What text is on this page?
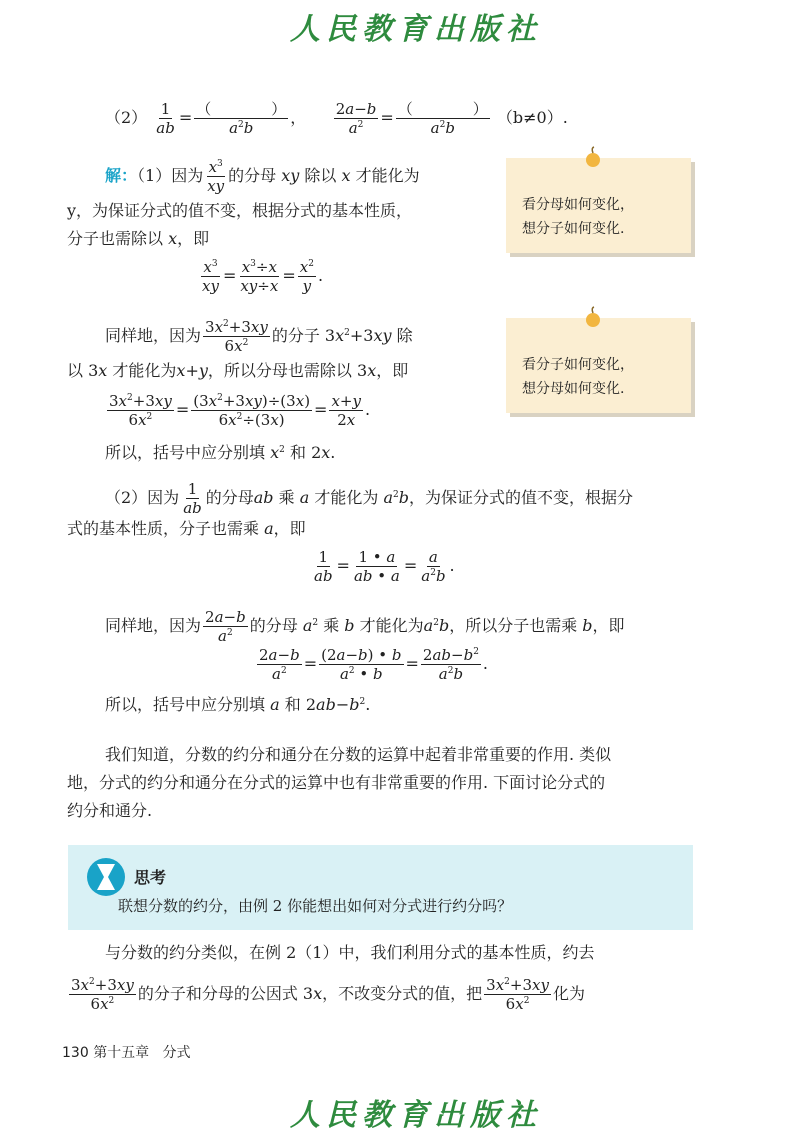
人民教育出版社
$(2) \frac{1}{ab} = \frac{( )}{a^2b}$ ， $\frac{2a-b}{a^2} = \frac{( )}{a^2b} (b\ne 0)$.
解：（1）因为 $\frac{x^3}{xy}$ 的分母 xy 除以 x 才能化为
y，为保证分式的值不变，根据分式的基本性质，
分子也需除以 x，即
$\frac{x^3}{xy} = \frac{x^3\div x}{xy\div x} = \frac{x^2}{y}$ .
同样地，因为 $\frac{3x^2+3xy}{6x^2}$ 的分子 $3x^2+3xy$ 除
以 3x 才能化为x+y，所以分母也需除以 3x，即
$\frac{3x^2+3xy}{6x^2} = \frac{(3x^2+3xy)\div(3x)}{6x^2\div(3x)} = \frac{x+y}{2x}$ .
所以，括号中应分别填 $x^2$ 和 2x.
（2）因为 $\frac{1}{ab}$ 的分母ab 乘 a 才能化为 $a^2b$，为保证分式的值不变，根据分
式的基本性质，分子也需乘 a，即
$\frac{1}{ab} = \frac{1 • a}{ab • a} = \frac{a}{a^2b}$ .
同样地，因为 $\frac{2a-b}{a^2}$ 的分母 $a^2$ 乘 b 才能化为$a^2b$，所以分子也需乘 b，即
$\frac{2a-b}{a^2} = \frac{(2a-b) • b}{a^2 • b} = \frac{2ab-b^2}{a^2b}$ .
所以，括号中应分别填 a 和 $2ab-b^2$.
看分母如何变化，
想分子如何变化.
看分子如何变化，
想分母如何变化.
我们知道，分数的约分和通分在分数的运算中起着非常重要的作用. 类似
地，分式的约分和通分在分式的运算中也有非常重要的作用. 下面讨论分式的
约分和通分.
思考
联想分数的约分，由例 2 你能想出如何对分式进行约分吗？
与分数的约分类似，在例 2（1）中，我们利用分式的基本性质，约去
$\frac{3x^2+3xy}{6x^2}$ 的分子和分母的公因式 3x，不改变分式的值，把 $\frac{3x^2+3xy}{6x^2}$ 化为
130 第十五章 分式
人民教育出版社
